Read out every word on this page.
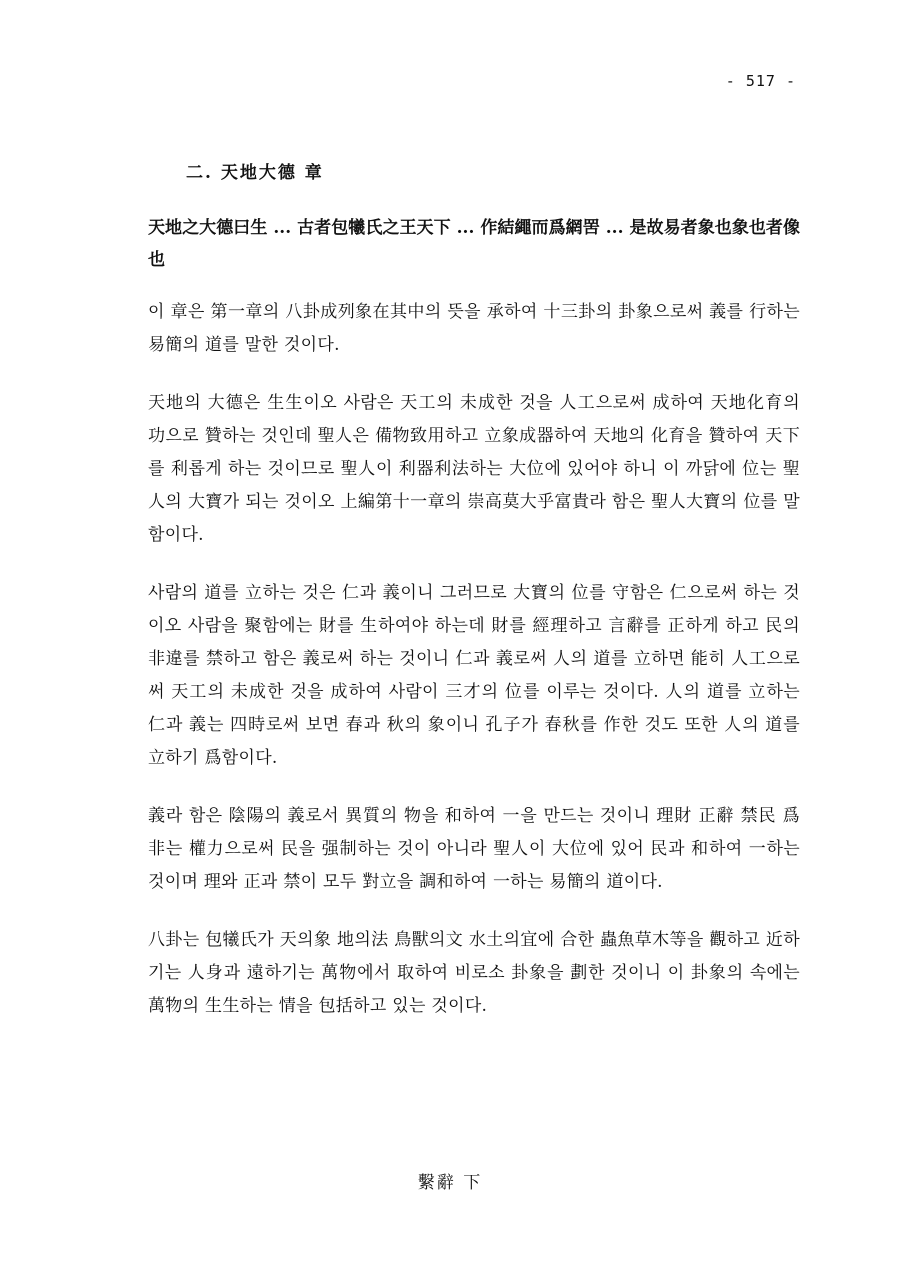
- 517 -
二. 天地大德 章
天地之大德曰生 ... 古者包犧氏之王天下 ... 作結繩而爲網罟 ... 是故易者象也象也者像也

이 章은 第一章의 八卦成列象在其中의 뜻을 承하여 十三卦의 卦象으로써 義를 行하는 易簡의 道를 말한 것이다.

天地의 大德은 生生이오 사람은 天工의 未成한 것을 人工으로써 成하여 天地化育의 功으로 贊하는 것인데 聖人은 備物致用하고 立象成器하여 天地의 化育을 贊하여 天下를 利롭게 하는 것이므로 聖人이 利器利法하는 大位에 있어야 하니 이 까닭에 位는 聖人의 大寶가 되는 것이오 上編第十一章의 崇高莫大乎富貴라 함은 聖人大寶의 位를 말함이다.

사람의 道를 立하는 것은 仁과 義이니 그러므로 大寶의 位를 守함은 仁으로써 하는 것이오 사람을 聚함에는 財를 生하여야 하는데 財를 經理하고 言辭를 正하게 하고 民의 非違를 禁하고 함은 義로써 하는 것이니 仁과 義로써 人의 道를 立하면 能히 人工으로써 天工의 未成한 것을 成하여 사람이 三才의 位를 이루는 것이다. 人의 道를 立하는 仁과 義는 四時로써 보면 春과 秋의 象이니 孔子가 春秋를 作한 것도 또한 人의 道를 立하기 爲함이다.

義라 함은 陰陽의 義로서 異質의 物을 和하여 一을 만드는 것이니 理財 正辭 禁民 爲非는 權力으로써 民을 强制하는 것이 아니라 聖人이 大位에 있어 民과 和하여 一하는 것이며 理와 正과 禁이 모두 對立을 調和하여 一하는 易簡의 道이다.

八卦는 包犧氏가 天의象 地의法 鳥獸의文 水土의宜에 合한 蟲魚草木等을 觀하고 近하기는 人身과 遠하기는 萬物에서 取하여 비로소 卦象을 劃한 것이니 이 卦象의 속에는 萬物의 生生하는 情을 包括하고 있는 것이다.

繫辭 下
